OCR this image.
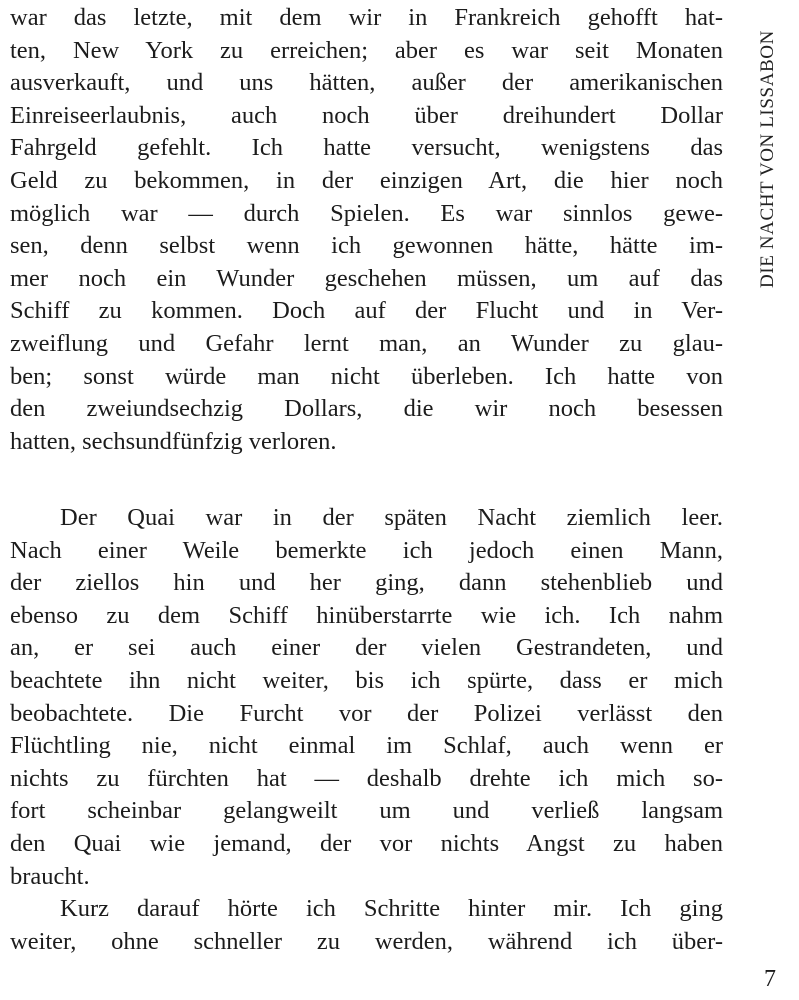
war das letzte, mit dem wir in Frankreich gehofft hat-
ten, New York zu erreichen; aber es war seit Monaten
ausverkauft, und uns hätten, außer der amerikanischen
Einreiseerlaubnis, auch noch über dreihundert Dollar
Fahrgeld gefehlt. Ich hatte versucht, wenigstens das
Geld zu bekommen, in der einzigen Art, die hier noch
möglich war — durch Spielen. Es war sinnlos gewe-
sen, denn selbst wenn ich gewonnen hätte, hätte im-
mer noch ein Wunder geschehen müssen, um auf das
Schiff zu kommen. Doch auf der Flucht und in Ver-
zweiflung und Gefahr lernt man, an Wunder zu glau-
ben; sonst würde man nicht überleben. Ich hatte von
den zweiundsechzig Dollars, die wir noch besessen
hatten, sechsundfünfzig verloren.
Der Quai war in der späten Nacht ziemlich leer.
Nach einer Weile bemerkte ich jedoch einen Mann,
der ziellos hin und her ging, dann stehenblieb und
ebenso zu dem Schiff hinüberstarrte wie ich. Ich nahm
an, er sei auch einer der vielen Gestrandeten, und
beachtete ihn nicht weiter, bis ich spürte, dass er mich
beobachtete. Die Furcht vor der Polizei verlässt den
Flüchtling nie, nicht einmal im Schlaf, auch wenn er
nichts zu fürchten hat — deshalb drehte ich mich so-
fort scheinbar gelangweilt um und verließ langsam
den Quai wie jemand, der vor nichts Angst zu haben
braucht.
Kurz darauf hörte ich Schritte hinter mir. Ich ging
weiter, ohne schneller zu werden, während ich über-
DIE NACHT VON LISSABON
7
